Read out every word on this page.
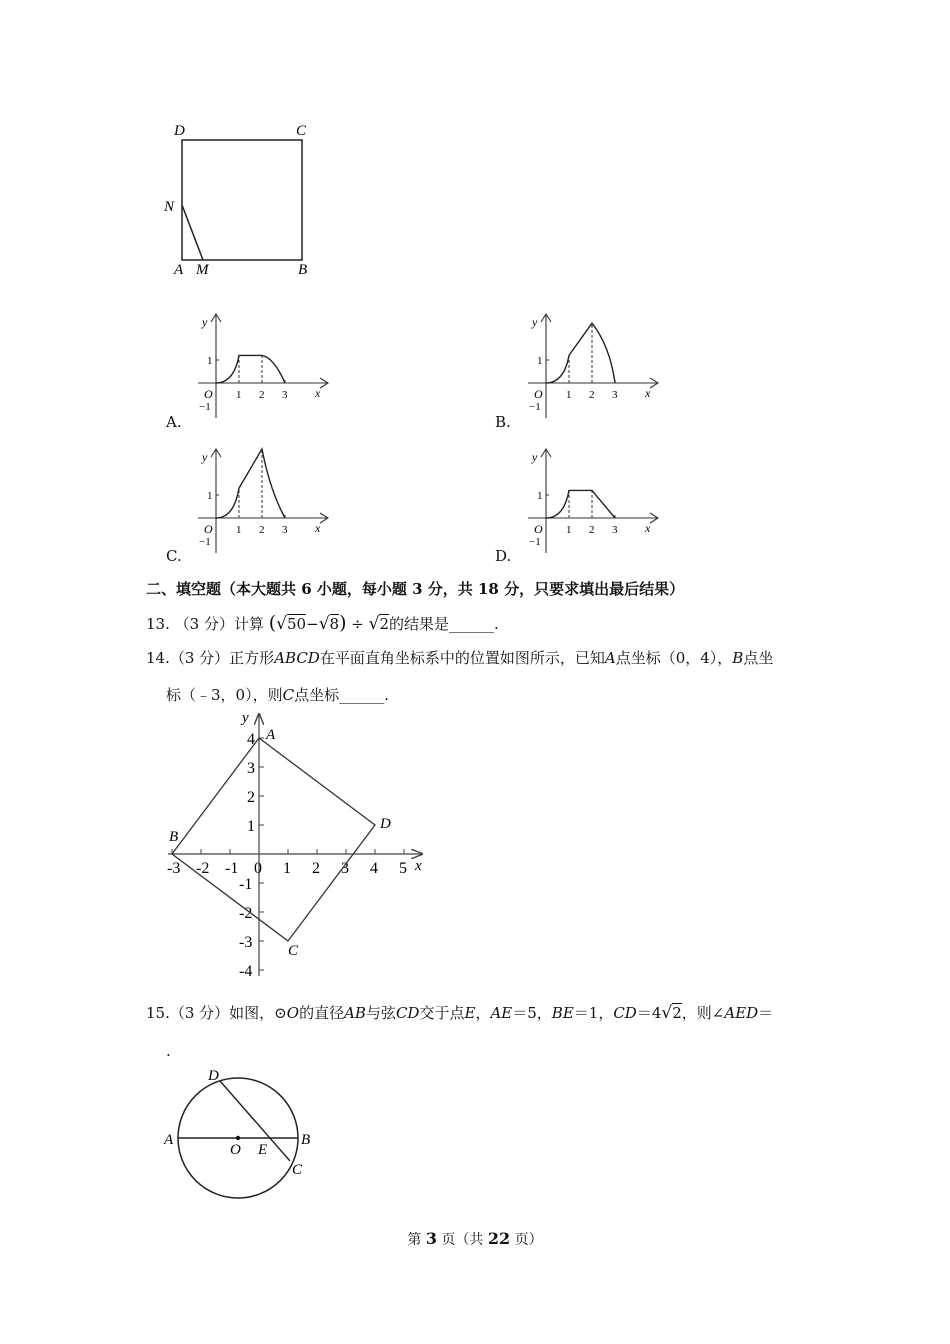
D	C
N
A M	B
y
x
O
1
−1
1 2 3
y
x
O
1
−1
1 2 3
y
x
O
1
−1
1 2 3
y
x
O
1
−1
1 2 3
A.	B.
C.	D.
二、填空题（本大题共 6 小题，每小题 3 分，共 18 分，只要求填出最后结果）
13. （3 分）计算 (√50−√8) ÷ √2的结果是______.
14.（3 分）正方形ABCD在平面直角坐标系中的位置如图所示，已知A点坐标（0，4），B点坐
标（﹣3，0），则C点坐标______.
-3 -2 -1 0 1 2 3 4 5
4
3
2
1
-1
-2
-3
-4
x
y
A
B
C
D
15.（3 分）如图，⊙O的直径AB与弦CD交于点E，AE＝5，BE＝1，CD＝4√2，则∠AED＝
.
D
A
O E
B
C
第 3 页（共 22 页）
